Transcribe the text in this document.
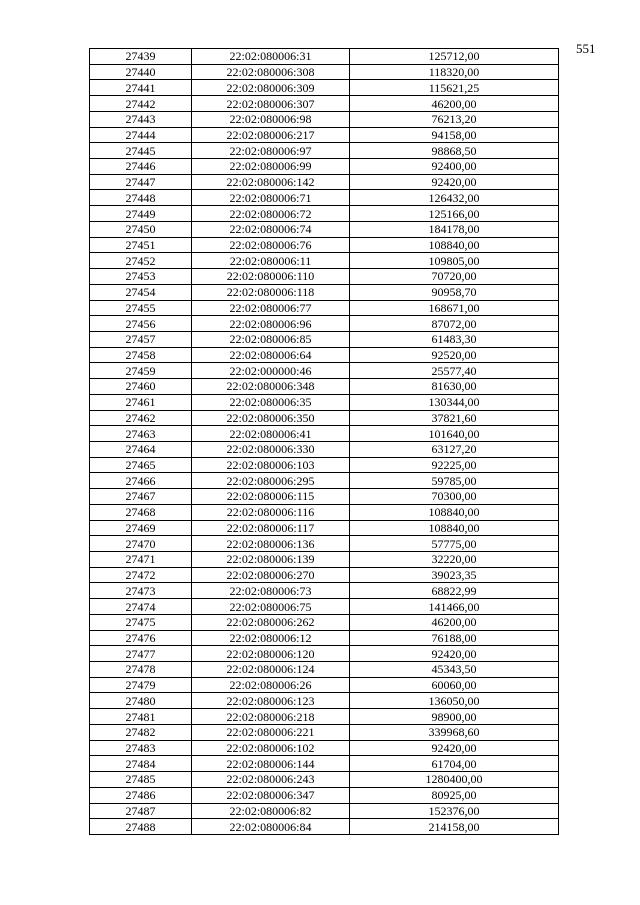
551
27439	22:02:080006:31	125712,00
27440	22:02:080006:308	118320,00
27441	22:02:080006:309	115621,25
27442	22:02:080006:307	46200,00
27443	22:02:080006:98	76213,20
27444	22:02:080006:217	94158,00
27445	22:02:080006:97	98868,50
27446	22:02:080006:99	92400,00
27447	22:02:080006:142	92420,00
27448	22:02:080006:71	126432,00
27449	22:02:080006:72	125166,00
27450	22:02:080006:74	184178,00
27451	22:02:080006:76	108840,00
27452	22:02:080006:11	109805,00
27453	22:02:080006:110	70720,00
27454	22:02:080006:118	90958,70
27455	22:02:080006:77	168671,00
27456	22:02:080006:96	87072,00
27457	22:02:080006:85	61483,30
27458	22:02:080006:64	92520,00
27459	22:02:000000:46	25577,40
27460	22:02:080006:348	81630,00
27461	22:02:080006:35	130344,00
27462	22:02:080006:350	37821,60
27463	22:02:080006:41	101640,00
27464	22:02:080006:330	63127,20
27465	22:02:080006:103	92225,00
27466	22:02:080006:295	59785,00
27467	22:02:080006:115	70300,00
27468	22:02:080006:116	108840,00
27469	22:02:080006:117	108840,00
27470	22:02:080006:136	57775,00
27471	22:02:080006:139	32220,00
27472	22:02:080006:270	39023,35
27473	22:02:080006:73	68822,99
27474	22:02:080006:75	141466,00
27475	22:02:080006:262	46200,00
27476	22:02:080006:12	76188,00
27477	22:02:080006:120	92420,00
27478	22:02:080006:124	45343,50
27479	22:02:080006:26	60060,00
27480	22:02:080006:123	136050,00
27481	22:02:080006:218	98900,00
27482	22:02:080006:221	339968,60
27483	22:02:080006:102	92420,00
27484	22:02:080006:144	61704,00
27485	22:02:080006:243	1280400,00
27486	22:02:080006:347	80925,00
27487	22:02:080006:82	152376,00
27488	22:02:080006:84	214158,00
